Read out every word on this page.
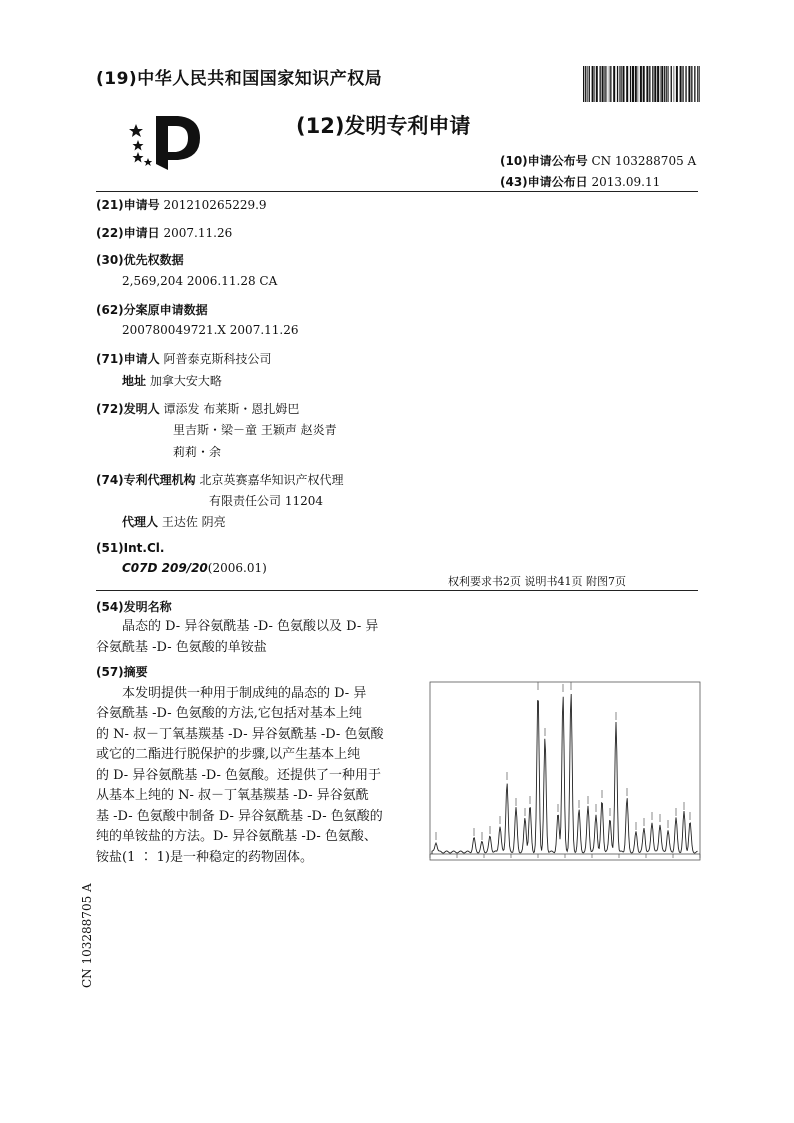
(19)中华人民共和国国家知识产权局
(12)发明专利申请
(10)申请公布号 CN 103288705 A
(43)申请公布日 2013.09.11
(21)申请号 201210265229.9
(22)申请日 2007.11.26
(30)优先权数据
2,569,204 2006.11.28 CA
(62)分案原申请数据
200780049721.X 2007.11.26
(71)申请人 阿普泰克斯科技公司
地址 加拿大安大略
(72)发明人 谭添发 布莱斯・恩扎姆巴
里吉斯・梁－童 王颖声 赵炎青
莉莉・余
(74)专利代理机构 北京英赛嘉华知识产权代理
有限责任公司 11204
代理人 王达佐 阴亮
(51)Int.Cl.
C07D 209/20(2006.01)
权利要求书2页 说明书41页 附图7页
(54)发明名称
晶态的 D- 异谷氨酰基 -D- 色氨酸以及 D- 异
谷氨酰基 -D- 色氨酸的单铵盐
(57)摘要
本发明提供一种用于制成纯的晶态的 D- 异
谷氨酰基 -D- 色氨酸的方法,它包括对基本上纯
的 N- 叔－丁氧基羰基 -D- 异谷氨酰基 -D- 色氨酸
或它的二酯进行脱保护的步骤,以产生基本上纯
的 D- 异谷氨酰基 -D- 色氨酸。还提供了一种用于
从基本上纯的 N- 叔－丁氧基羰基 -D- 异谷氨酰
基 -D- 色氨酸中制备 D- 异谷氨酰基 -D- 色氨酸的
纯的单铵盐的方法。D- 异谷氨酰基 -D- 色氨酸、
铵盐(1 ∶ 1)是一种稳定的药物固体。
CN 103288705 A
